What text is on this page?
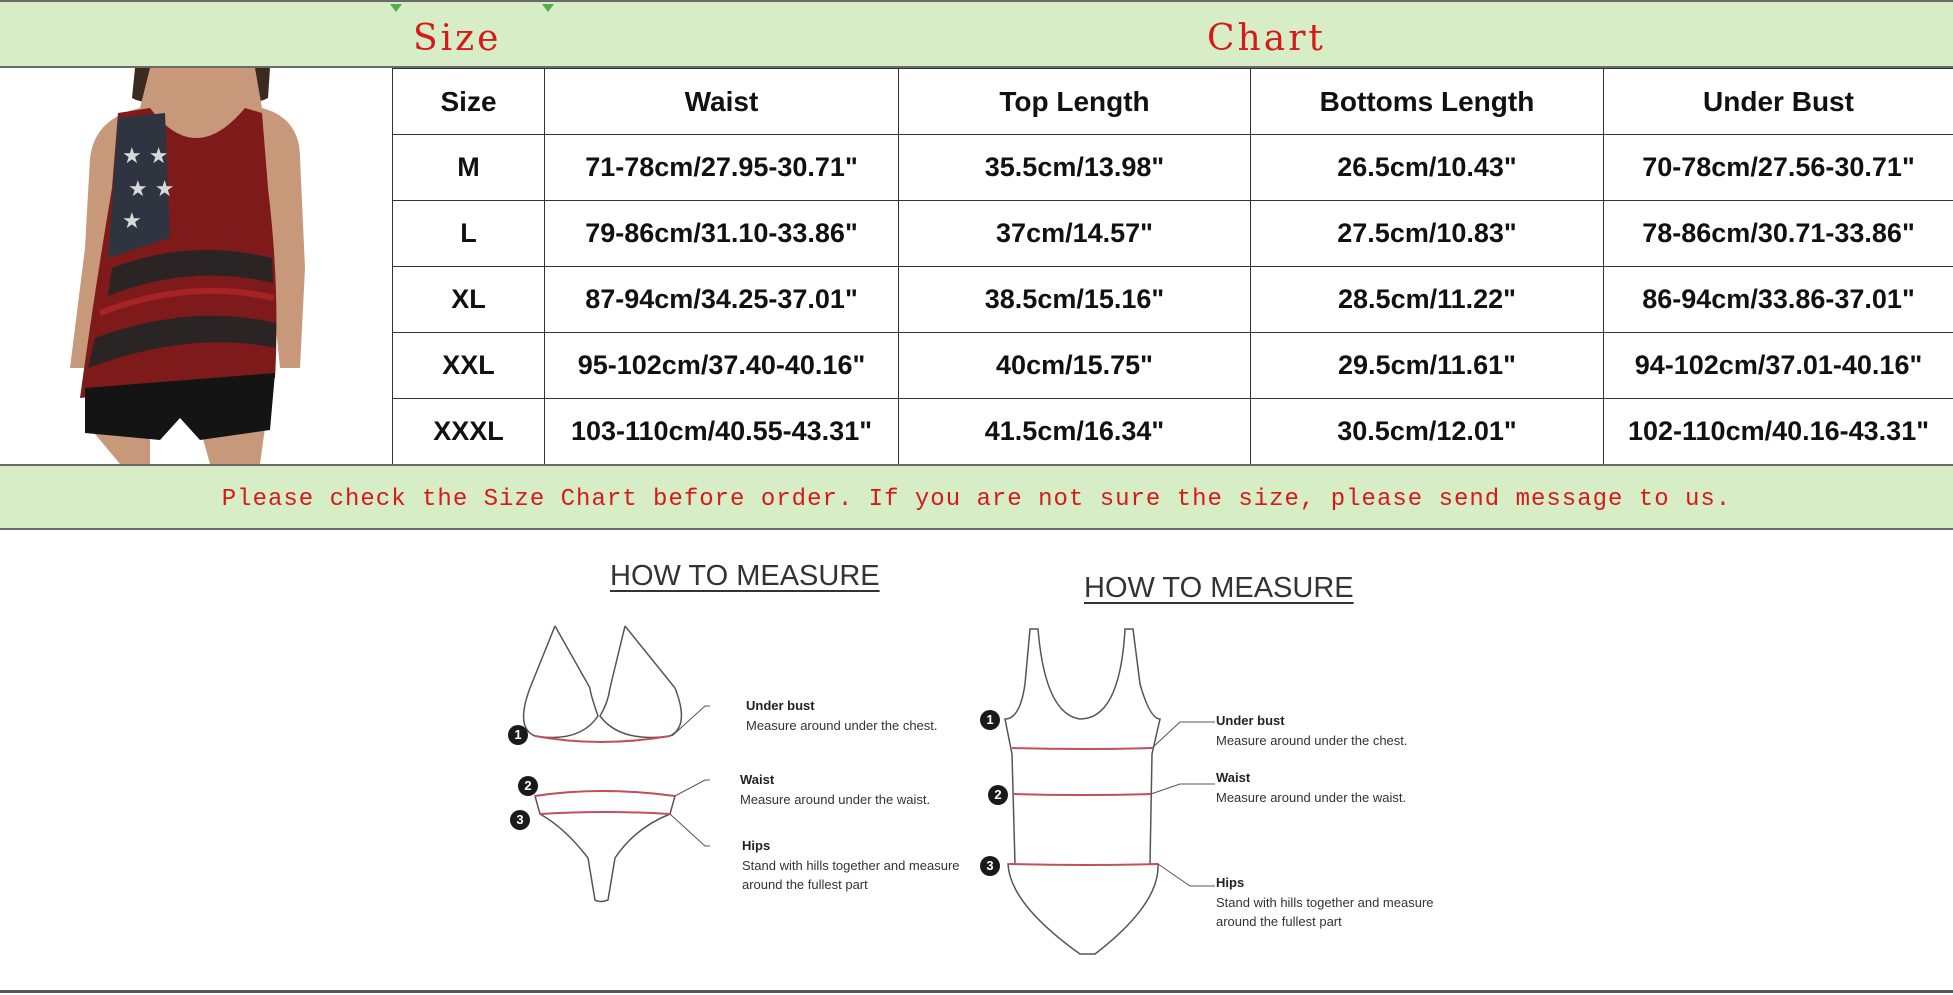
Size	Chart
★ ★
★ ★
★
Size	Waist	Top Length	Bottoms Length	Under Bust
M	71-78cm/27.95-30.71"	35.5cm/13.98"	26.5cm/10.43"	70-78cm/27.56-30.71"
L	79-86cm/31.10-33.86"	37cm/14.57"	27.5cm/10.83"	78-86cm/30.71-33.86"
XL	87-94cm/34.25-37.01"	38.5cm/15.16"	28.5cm/11.22"	86-94cm/33.86-37.01"
XXL	95-102cm/37.40-40.16"	40cm/15.75"	29.5cm/11.61"	94-102cm/37.01-40.16"
XXXL	103-110cm/40.55-43.31"	41.5cm/16.34"	30.5cm/12.01"	102-110cm/40.16-43.31"
Please check the Size Chart before order. If you are not sure the size, please send message to us.
HOW TO MEASURE
1
2
3
Under bust
Measure around under the chest.
Waist
Measure around under the waist.
Hips
Stand with hills together and measure around the fullest part
HOW TO MEASURE
1
2
3
Under bust
Measure around under the chest.
Waist
Measure around under the waist.
Hips
Stand with hills together and measure around the fullest part
